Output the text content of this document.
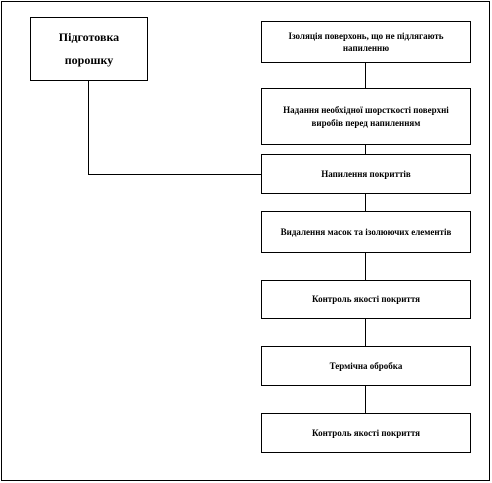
Підготовка порошку
Ізоляція поверхонь, що не підлягають напиленню
Надання необхідної шорсткості поверхні виробів перед напиленням
Напилення покриттів
Видалення масок та ізолюючих елементів
Контроль якості покриття
Термічна обробка
Контроль якості покриття
